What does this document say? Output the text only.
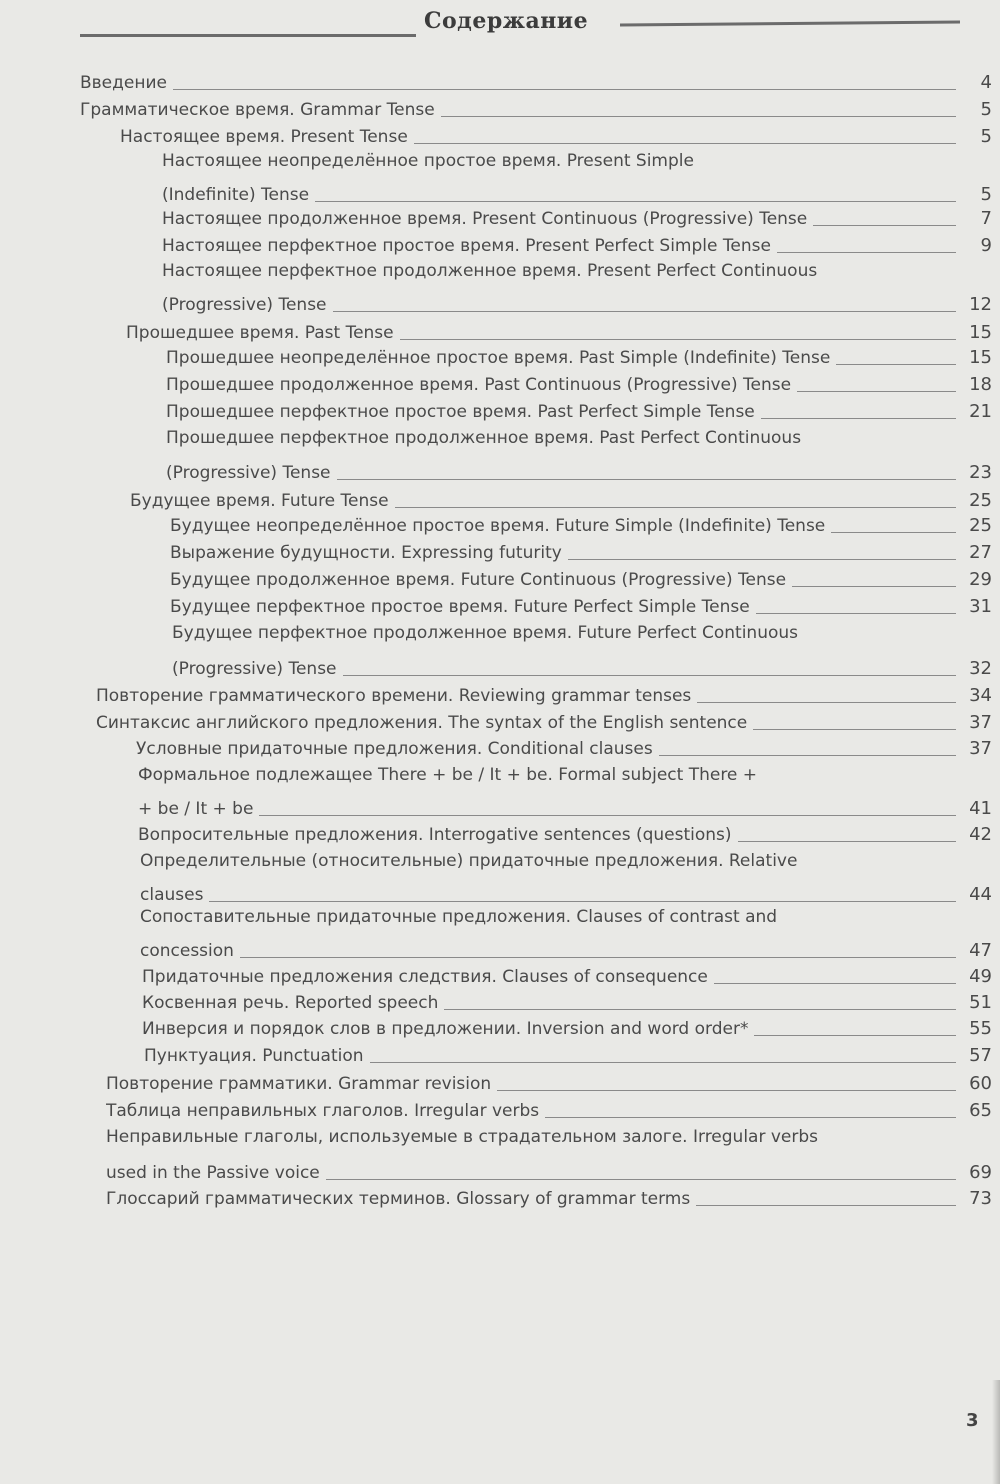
Содержание
Введение	4
Грамматическое время. Grammar Tense	5
Настоящее время. Present Tense	5
Настоящее неопределённое простое время. Present Simple
(Indefinite) Tense	5
Настоящее продолженное время. Present Continuous (Progressive) Tense	7
Настоящее перфектное простое время. Present Perfect Simple Tense	9
Настоящее перфектное продолженное время. Present Perfect Continuous
(Progressive) Tense	12
Прошедшее время. Past Tense	15
Прошедшее неопределённое простое время. Past Simple (Indefinite) Tense	15
Прошедшее продолженное время. Past Continuous (Progressive) Tense	18
Прошедшее перфектное простое время. Past Perfect Simple Tense	21
Прошедшее перфектное продолженное время. Past Perfect Continuous
(Progressive) Tense	23
Будущее время. Future Tense	25
Будущее неопределённое простое время. Future Simple (Indefinite) Tense	25
Выражение будущности. Expressing futurity	27
Будущее продолженное время. Future Continuous (Progressive) Tense	29
Будущее перфектное простое время. Future Perfect Simple Tense	31
Будущее перфектное продолженное время. Future Perfect Continuous
(Progressive) Tense	32
Повторение грамматического времени. Reviewing grammar tenses	34
Синтаксис английского предложения. The syntax of the English sentence	37
Условные придаточные предложения. Conditional clauses	37
Формальное подлежащее There + be / It + be. Formal subject There +
+ be / It + be	41
Вопросительные предложения. Interrogative sentences (questions)	42
Определительные (относительные) придаточные предложения. Relative
clauses	44
Сопоставительные придаточные предложения. Clauses of contrast and
concession	47
Придаточные предложения следствия. Clauses of consequence	49
Косвенная речь. Reported speech	51
Инверсия и порядок слов в предложении. Inversion and word order*	55
Пунктуация. Punctuation	57
Повторение грамматики. Grammar revision	60
Таблица неправильных глаголов. Irregular verbs	65
Неправильные глаголы, используемые в страдательном залоге. Irregular verbs
used in the Passive voice	69
Глоссарий грамматических терминов. Glossary of grammar terms	73
3
